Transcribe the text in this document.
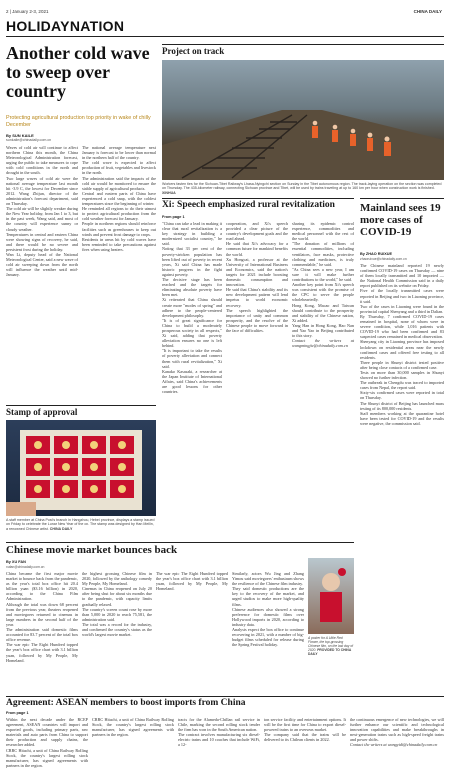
2 | January 2-3, 2021	CHINA DAILY
HOLIDAYNATION
Another cold wave to sweep over country
Protecting agricultural production top priority in wake of chilly December
By SUN KAILE
sunkaile@chinadaily.com.cn

Waves of cold air will continue to affect northern China this month, the China Meteorological Administration forecast, urging the public to take measures to cope with cold conditions in the north and drought in the south.

Two large waves of cold air were the national average temperature last month hit -3.9 C, the lowest for December since 2012. Wang Zhijun, director of the administration's forecast department, said on Thursday.

The cold air will be slightly weaker during the New Year holiday, from Jan 1 to 3, but in the past week, Wang said, and most of the country will experience sunny or cloudy weather.

Temperatures in central and eastern China were showing signs of recovery, he said, and there would be no severe and persistent frost during the holiday.

Wan Li, deputy head of the National Meteorological Center, said a new wave of cold air sweeping down from the north will influence the weather until mid-January.

The national average temperature next January is forecast to be lower than normal in the northern half of the country.

The cold wave is expected to affect production of fruit, vegetables and livestock in the north.

The administration said the impacts of the cold air would be monitored to ensure the stable supply of agricultural products.

Central and eastern parts of China have experienced a cold snap, with the coldest temperatures since the beginning of winter.

He reminded all regions to do their utmost to protect agricultural production from the cold weather forecast for January.

People in northern regions should reinforce facilities such as greenhouses to keep out winds and prevent frost damage to crops.

Residents in areas hit by cold waves have been reminded to take precautions against fires when using heaters.

Project on track
Workers fasten ties for the Sichuan-Tibet Railway's Lhasa-Nyingchi section on Sunday in the Tibet autonomous region. The track-laying operation on the section was completed on Thursday. The 435-kilometer railway, connecting Sichuan province and Tibet, will be used by trains traveling at up to 160 km per hour when construction work is finished. XINHUA
Xi: Speech emphasized rural revitalization
From page 1

"China can take a lead in making it clear that rural revitalization is a key strategy in building a modernized socialist country," he said.

Noting that 33 per cent of the poverty-stricken population has been lifted out of poverty in recent years, Xi said China has made historic progress in the fight against poverty.

The decisive stage has been reached and the targets for eliminating absolute poverty have been met.

Xi reiterated that China should create more "modes of spring" and adhere to the people-centered development philosophy.

"It is of great significance for China to build a moderately prosperous society in all respects," Xi said, adding that poverty alleviation ensures no one is left behind.

"It is important to take the results of poverty alleviation and connect them with rural revitalization," Xi said.

Kanako Kasasaki, a researcher at the Japan Institute of International Affairs, said China's achievements are good lessons for other countries.

cooperation, and Xi's speech provided a clear picture of the country's development goals and the road ahead.

He said that Xi's advocacy for a common future for mankind benefits the world.

Xu Hongcai, a professor at the University of International Business and Economics, said the nation's targets for 2021 include boosting domestic consumption and innovation.

He said that China's stability and its new development pattern will lend impetus to world economic recovery.

The speech highlighted the importance of unity and common prosperity, and the resolve of the Chinese people to move forward in the face of difficulties.

sharing its epidemic control experience, commodities and medical personnel with the rest of the world.

"The donation of millions of essential commodities, including ventilators, face masks, protective clothing and medicines, is truly commendable," he said.

"As China sees a new year, I am sure it will make further contributions to the world," he said.

Another key point from Xi's speech was consistent with the promise of the CPC to serve the people wholeheartedly.

Hong Kong, Macao and Taiwan should contribute to the prosperity and stability of the Chinese nation, Xi added.

Yang Han in Hong Kong, Hao Nan and Yao Yao in Beijing contributed to this story.

Contact the writers at wangmingjie@chinadaily.com.cn

Mainland sees 19 more cases of COVID-19
By ZHAO RUIXUE
zhaoruixue@chinadaily.com.cn

The Chinese mainland reported 19 newly confirmed COVID-19 cases on Thursday — nine of them locally transmitted and 10 imported — the National Health Commission said in a daily report published on its website on Friday.

Five of the locally transmitted cases were reported in Beijing and two in Liaoning province, it said.

Two of the cases in Liaoning were found in the provincial capital Shenyang and a third in Dalian.

By Thursday, 7 confirmed COVID-19 cases remained in hospital, none of whom were in severe condition, while 1,016 patients with COVID-19 who had been confirmed and 83 suspected cases remained in medical observation.

Shenyang city in Liaoning province has imposed lockdown on residential areas near the newly confirmed cases and offered free testing to all residents.

Three people in Shunyi district tested positive after being close contacts of a confirmed case.

Tests on more than 30,000 samples in Shunyi showed no further infection.

The outbreak in Chengdu was traced to imported cases from Nepal, the report said.

Sixty-six confirmed cases were reported in total on Thursday.

The Shunyi district of Beijing has launched mass testing of its 800,000 residents.

Staff members working at the quarantine hotel have been tested for COVID-19 and the results were negative, the commission said.

Stamp of approval
A staff member at China Post's branch in Hangzhou, Hebei province, displays a stamp issued on Friday to celebrate the Lunar New Year of the ox. The stamp was designed by Han Meilin, a renowned Chinese artist. CHINA DAILY
Chinese movie market bounces back
By XU FAN
xufan@chinadaily.com.cn

China became the first major movie market to bounce back from the pandemic, as the year's total box office hit 20.4 billion yuan ($3.16 billion) in 2020, according to the China Film Administration.

Although the total was down 68 percent from the previous year, theaters reopened and moviegoers returned to cinemas in large numbers in the second half of the year.

The administration said domestic films accounted for 83.7 percent of the total box office revenue.

The war epic The Eight Hundred topped the year's box office chart with 3.1 billion yuan, followed by My People, My Homeland.

the highest grossing Chinese film in 2020, followed by the anthology comedy My People, My Homeland.

Cinemas in China reopened on July 20 after being shut for about six months due to the pandemic, with capacity limits gradually relaxed.

The country's screen count rose by more than 5,000 in 2020 to reach 75,581, the administration said.

The total was a record for the industry, and confirmed the country's status as the world's largest movie market.

The war epic The Eight Hundred topped the year's box office chart with 3.1 billion yuan, followed by My People, My Homeland.

Similarly, actors Wu Jing and Zhang Yimou said moviegoers' enthusiasm shows the resilience of the Chinese film industry.

They said domestic productions are the key to the recovery of the market, and urged studios to make more high-quality films.

Chinese audiences also showed a strong preference for domestic films over Hollywood imports in 2020, according to industry data.

Analysts expect the box office to continue recovering in 2021, with a number of big-budget films scheduled for release during the Spring Festival holiday.

A poster for A Little Red Flower, the top-grossing Chinese film, on the last day of 2020. PROVIDED TO CHINA DAILY
Agreement: ASEAN members to boost imports from China
From page 1

Within the next decade under the RCEP agreement, ASEAN countries will import and exported goods, including primary parts, raw materials and auto parts from China to support their production and supply chains, the researcher added.

CRRC Hitachi, a unit of China Railway Rolling Stock, the country's largest rolling stock manufacturer, has signed agreements with partners in the region.

CRRC Hitachi, a unit of China Railway Rolling Stock, the country's largest rolling stock manufacturer, has signed agreements with partners in the region.

tracts for the Alameda-Chillan rail service in Chile, marking the second rolling stock tender the firm has won in the South American nation.

The contract involves manufacturing six diesel-electric trains and 10 coaches that include WiFi, a 12-

ton service facility and entertainment options. It will be the first time for China to export diesel-powered trains to an overseas market.

The company said that the trains will be delivered to its Chilean clients in 2022.

the continuous emergence of new technologies, we will further enhance our scientific and technological innovation capabilities and make breakthroughs in next-generation trains such as high-speed freight trains and power shifts.

Contact the writers at wangyidi@chinadaily.com.cn
